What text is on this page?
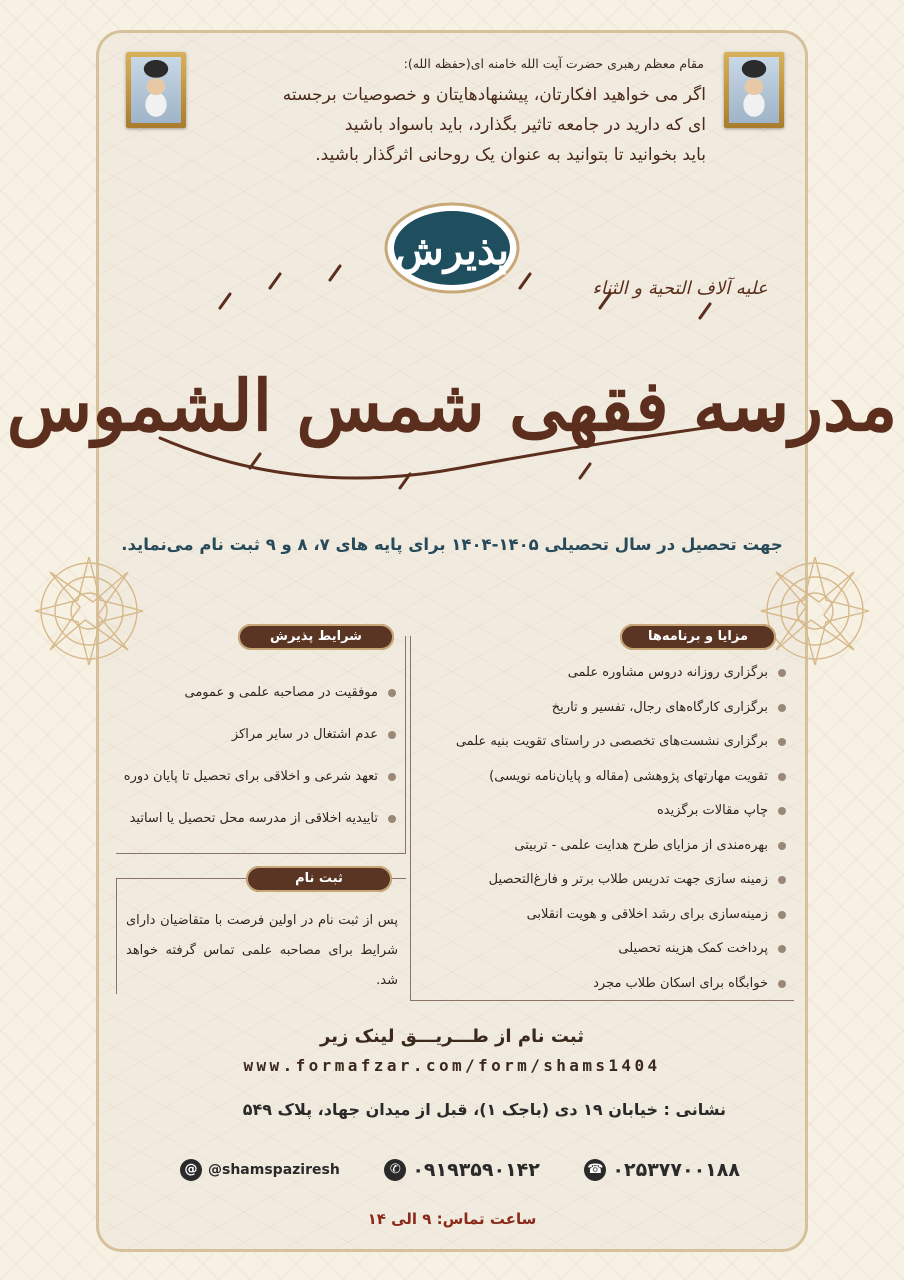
مقام معظم رهبری حضرت آیت الله خامنه ای(حفظه الله):
اگر می خواهید افکارتان، پیشنهادهایتان و خصوصیات برجسته
ای که دارید در جامعه تاثیر بگذارد، باید باسواد باشید
باید بخوانید تا بتوانید به عنوان یک روحانی اثرگذار باشید.
پذیرش
علیه آلاف التحیة و الثناء
مدرسه فقهی شمس الشموس
جهت تحصیل در سال تحصیلی ۱۴۰۵-۱۴۰۴ برای پایه های ۷، ۸ و ۹ ثبت نام می‌نماید.
مزایا و برنامه‌ها
شرایط پذیرش
ثبت نام
برگزاری روزانه دروس مشاوره علمی
برگزاری کارگاه‌های رجال، تفسیر و تاریخ
برگزاری نشست‌های تخصصی در راستای تقویت بنیه علمی
تقویت مهارتهای پژوهشی (مقاله و پایان‌نامه نویسی)
چاپ مقالات برگزیده
بهره‌مندی از مزایای طرح هدایت علمی - تربیتی
زمینه سازی جهت تدریس طلاب برتر و فارغ‌التحصیل
زمینه‌سازی برای رشد اخلاقی و هویت انقلابی
پرداخت کمک هزینه تحصیلی
خوابگاه برای اسکان طلاب مجرد
موفقیت در مصاحبه علمی و عمومی
عدم اشتغال در سایر مراکز
تعهد شرعی و اخلاقی برای تحصیل تا پایان دوره
تاییدیه اخلاقی از مدرسه محل تحصیل یا اساتید
پس از ثبت نام در اولین فرصت با متقاضیان دارای شرایط برای مصاحبه علمی تماس گرفته خواهد شد.
ثبت نام از طـــریـــق لینک زیر
www.formafzar.com/form/shams1404
نشانی : خیابان ۱۹ دی (باجک ۱)، قبل از میدان جهاد، پلاک ۵۴۹
@ @shamspaziresh	✆ ۰۹۱۹۳۵۹۰۱۴۲	☎ ۰۲۵۳۷۷۰۰۱۸۸
ساعت تماس: ۹ الی ۱۴
